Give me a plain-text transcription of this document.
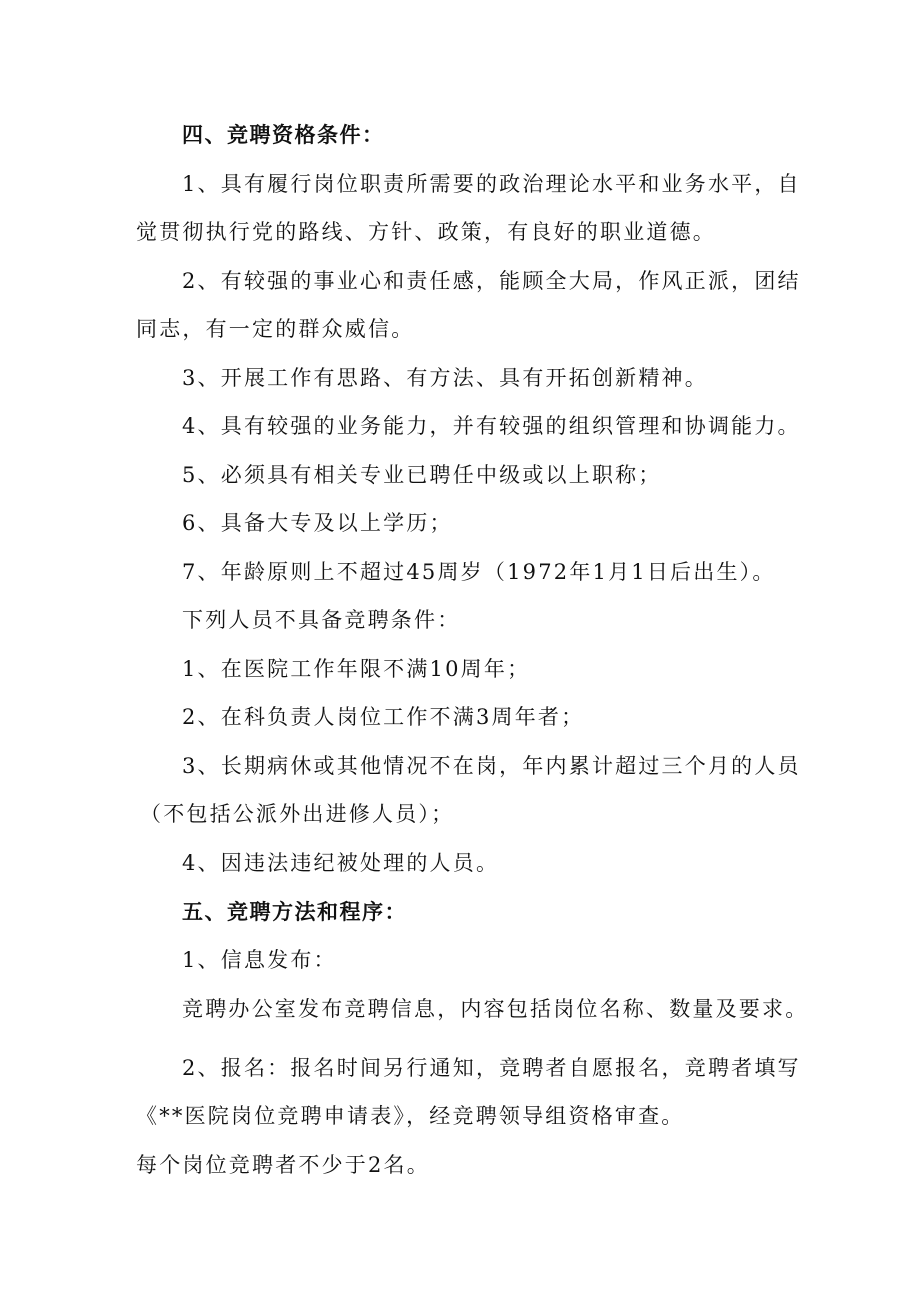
四、竞聘资格条件：
1、具有履行岗位职责所需要的政治理论水平和业务水平，自
觉贯彻执行党的路线、方针、政策，有良好的职业道德。
2、有较强的事业心和责任感，能顾全大局，作风正派，团结
同志，有一定的群众威信。
3、开展工作有思路、有方法、具有开拓创新精神。
4、具有较强的业务能力，并有较强的组织管理和协调能力。
5、必须具有相关专业已聘任中级或以上职称；
6、具备大专及以上学历；
7、年龄原则上不超过45周岁（1972年1月1日后出生）。
下列人员不具备竞聘条件：
1、在医院工作年限不满10周年；
2、在科负责人岗位工作不满3周年者；
3、长期病休或其他情况不在岗，年内累计超过三个月的人员
（不包括公派外出进修人员）；
4、因违法违纪被处理的人员。
五、竞聘方法和程序：
1、信息发布：
竞聘办公室发布竞聘信息，内容包括岗位名称、数量及要求。
2、报名：报名时间另行通知，竞聘者自愿报名，竞聘者填写
《**医院岗位竞聘申请表》，经竞聘领导组资格审查。
每个岗位竞聘者不少于2名。
